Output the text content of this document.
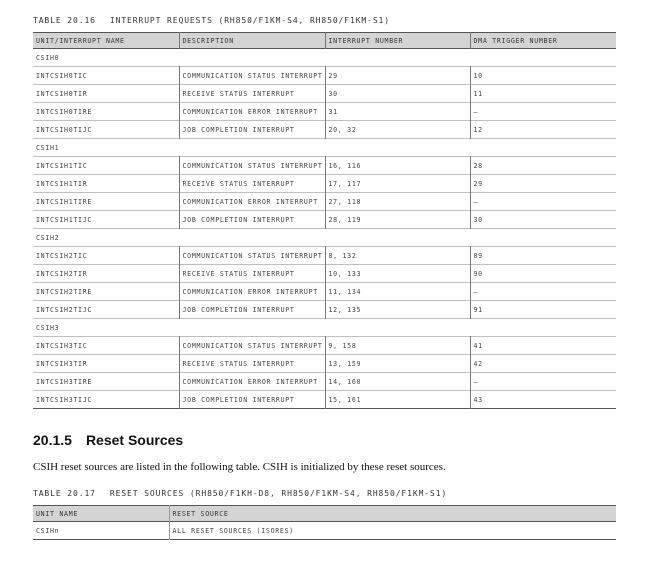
TABLE 20.16 INTERRUPT REQUESTS (RH850/F1KM-S4, RH850/F1KM-S1)
UNIT/INTERRUPT NAME	DESCRIPTION	INTERRUPT NUMBER	DMA TRIGGER NUMBER
CSIH0			
INTCSIH0TIC	COMMUNICATION STATUS INTERRUPT	29	10
INTCSIH0TIR	RECEIVE STATUS INTERRUPT	30	11
INTCSIH0TIRE	COMMUNICATION ERROR INTERRUPT	31	—
INTCSIH0TIJC	JOB COMPLETION INTERRUPT	20, 32	12
CSIH1			
INTCSIH1TIC	COMMUNICATION STATUS INTERRUPT	16, 116	28
INTCSIH1TIR	RECEIVE STATUS INTERRUPT	17, 117	29
INTCSIH1TIRE	COMMUNICATION ERROR INTERRUPT	27, 118	—
INTCSIH1TIJC	JOB COMPLETION INTERRUPT	28, 119	30
CSIH2			
INTCSIH2TIC	COMMUNICATION STATUS INTERRUPT	8, 132	89
INTCSIH2TIR	RECEIVE STATUS INTERRUPT	10, 133	90
INTCSIH2TIRE	COMMUNICATION ERROR INTERRUPT	11, 134	—
INTCSIH2TIJC	JOB COMPLETION INTERRUPT	12, 135	91
CSIH3			
INTCSIH3TIC	COMMUNICATION STATUS INTERRUPT	9, 158	41
INTCSIH3TIR	RECEIVE STATUS INTERRUPT	13, 159	42
INTCSIH3TIRE	COMMUNICATION ERROR INTERRUPT	14, 160	—
INTCSIH3TIJC	JOB COMPLETION INTERRUPT	15, 161	43
20.1.5 Reset Sources
CSIH reset sources are listed in the following table. CSIH is initialized by these reset sources.
TABLE 20.17 RESET SOURCES (RH850/F1KH-D8, RH850/F1KM-S4, RH850/F1KM-S1)
UNIT NAME	RESET SOURCE
CSIHn	ALL RESET SOURCES (ISORES)
